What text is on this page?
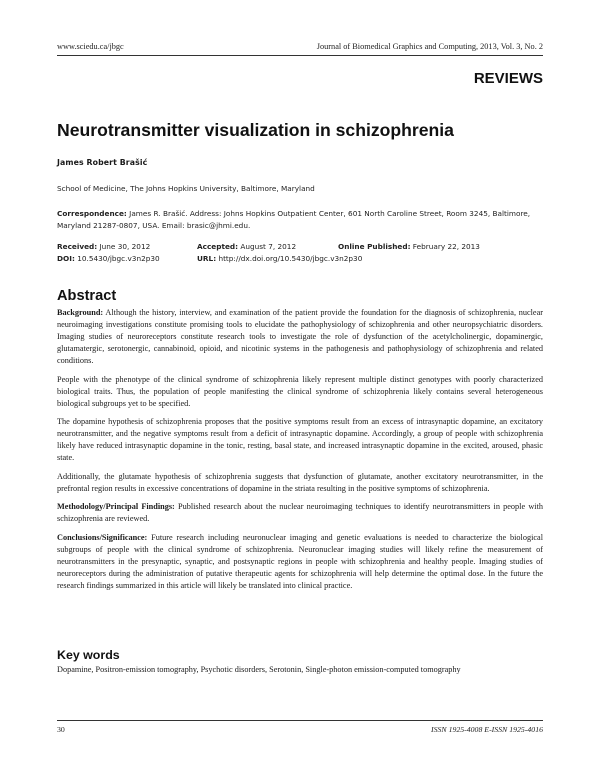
www.sciedu.ca/jbgc	Journal of Biomedical Graphics and Computing, 2013, Vol. 3, No. 2
REVIEWS
Neurotransmitter visualization in schizophrenia
James Robert Brašić
School of Medicine, The Johns Hopkins University, Baltimore, Maryland
Correspondence: James R. Brašić. Address: Johns Hopkins Outpatient Center, 601 North Caroline Street, Room 3245, Baltimore, Maryland 21287-0807, USA. Email: brasic@jhmi.edu.
Received: June 30, 2012	Accepted: August 7, 2012	Online Published: February 22, 2013
DOI: 10.5430/jbgc.v3n2p30	URL: http://dx.doi.org/10.5430/jbgc.v3n2p30
Abstract

Background: Although the history, interview, and examination of the patient provide the foundation for the diagnosis of schizophrenia, nuclear neuroimaging investigations constitute promising tools to elucidate the pathophysiology of schizophrenia and other neuropsychiatric disorders. Imaging studies of neuroreceptors constitute research tools to investigate the role of dysfunction of the acetylcholinergic, dopaminergic, glutamatergic, serotonergic, cannabinoid, opioid, and nicotinic systems in the pathogenesis and pathophysiology of schizophrenia and related conditions.

People with the phenotype of the clinical syndrome of schizophrenia likely represent multiple distinct genotypes with poorly characterized biological traits. Thus, the population of people manifesting the clinical syndrome of schizophrenia likely contains several heterogeneous biological subgroups yet to be specified.

The dopamine hypothesis of schizophrenia proposes that the positive symptoms result from an excess of intrasynaptic dopamine, an excitatory neurotransmitter, and the negative symptoms result from a deficit of intrasynaptic dopamine. Accordingly, a group of people with schizophrenia likely have reduced intrasynaptic dopamine in the tonic, resting, basal state, and increased intrasynaptic dopamine in the excited, aroused, phasic state.

Additionally, the glutamate hypothesis of schizophrenia suggests that dysfunction of glutamate, another excitatory neurotransmitter, in the prefrontal region results in excessive concentrations of dopamine in the striata resulting in the positive symptoms of schizophrenia.

Methodology/Principal Findings: Published research about the nuclear neuroimaging techniques to identify neurotransmitters in people with schizophrenia are reviewed.

Conclusions/Significance: Future research including neuronuclear imaging and genetic evaluations is needed to characterize the biological subgroups of people with the clinical syndrome of schizophrenia. Neuronuclear imaging studies will likely refine the measurement of neurotransmitters in the presynaptic, synaptic, and postsynaptic regions in people with schizophrenia and healthy people. Imaging studies of neuroreceptors during the administration of putative therapeutic agents for schizophrenia will help determine the optimal dose. In the future the research findings summarized in this article will likely be translated into clinical practice.

Key words
Dopamine, Positron-emission tomography, Psychotic disorders, Serotonin, Single-photon emission-computed tomography
30	ISSN 1925-4008 E-ISSN 1925-4016
